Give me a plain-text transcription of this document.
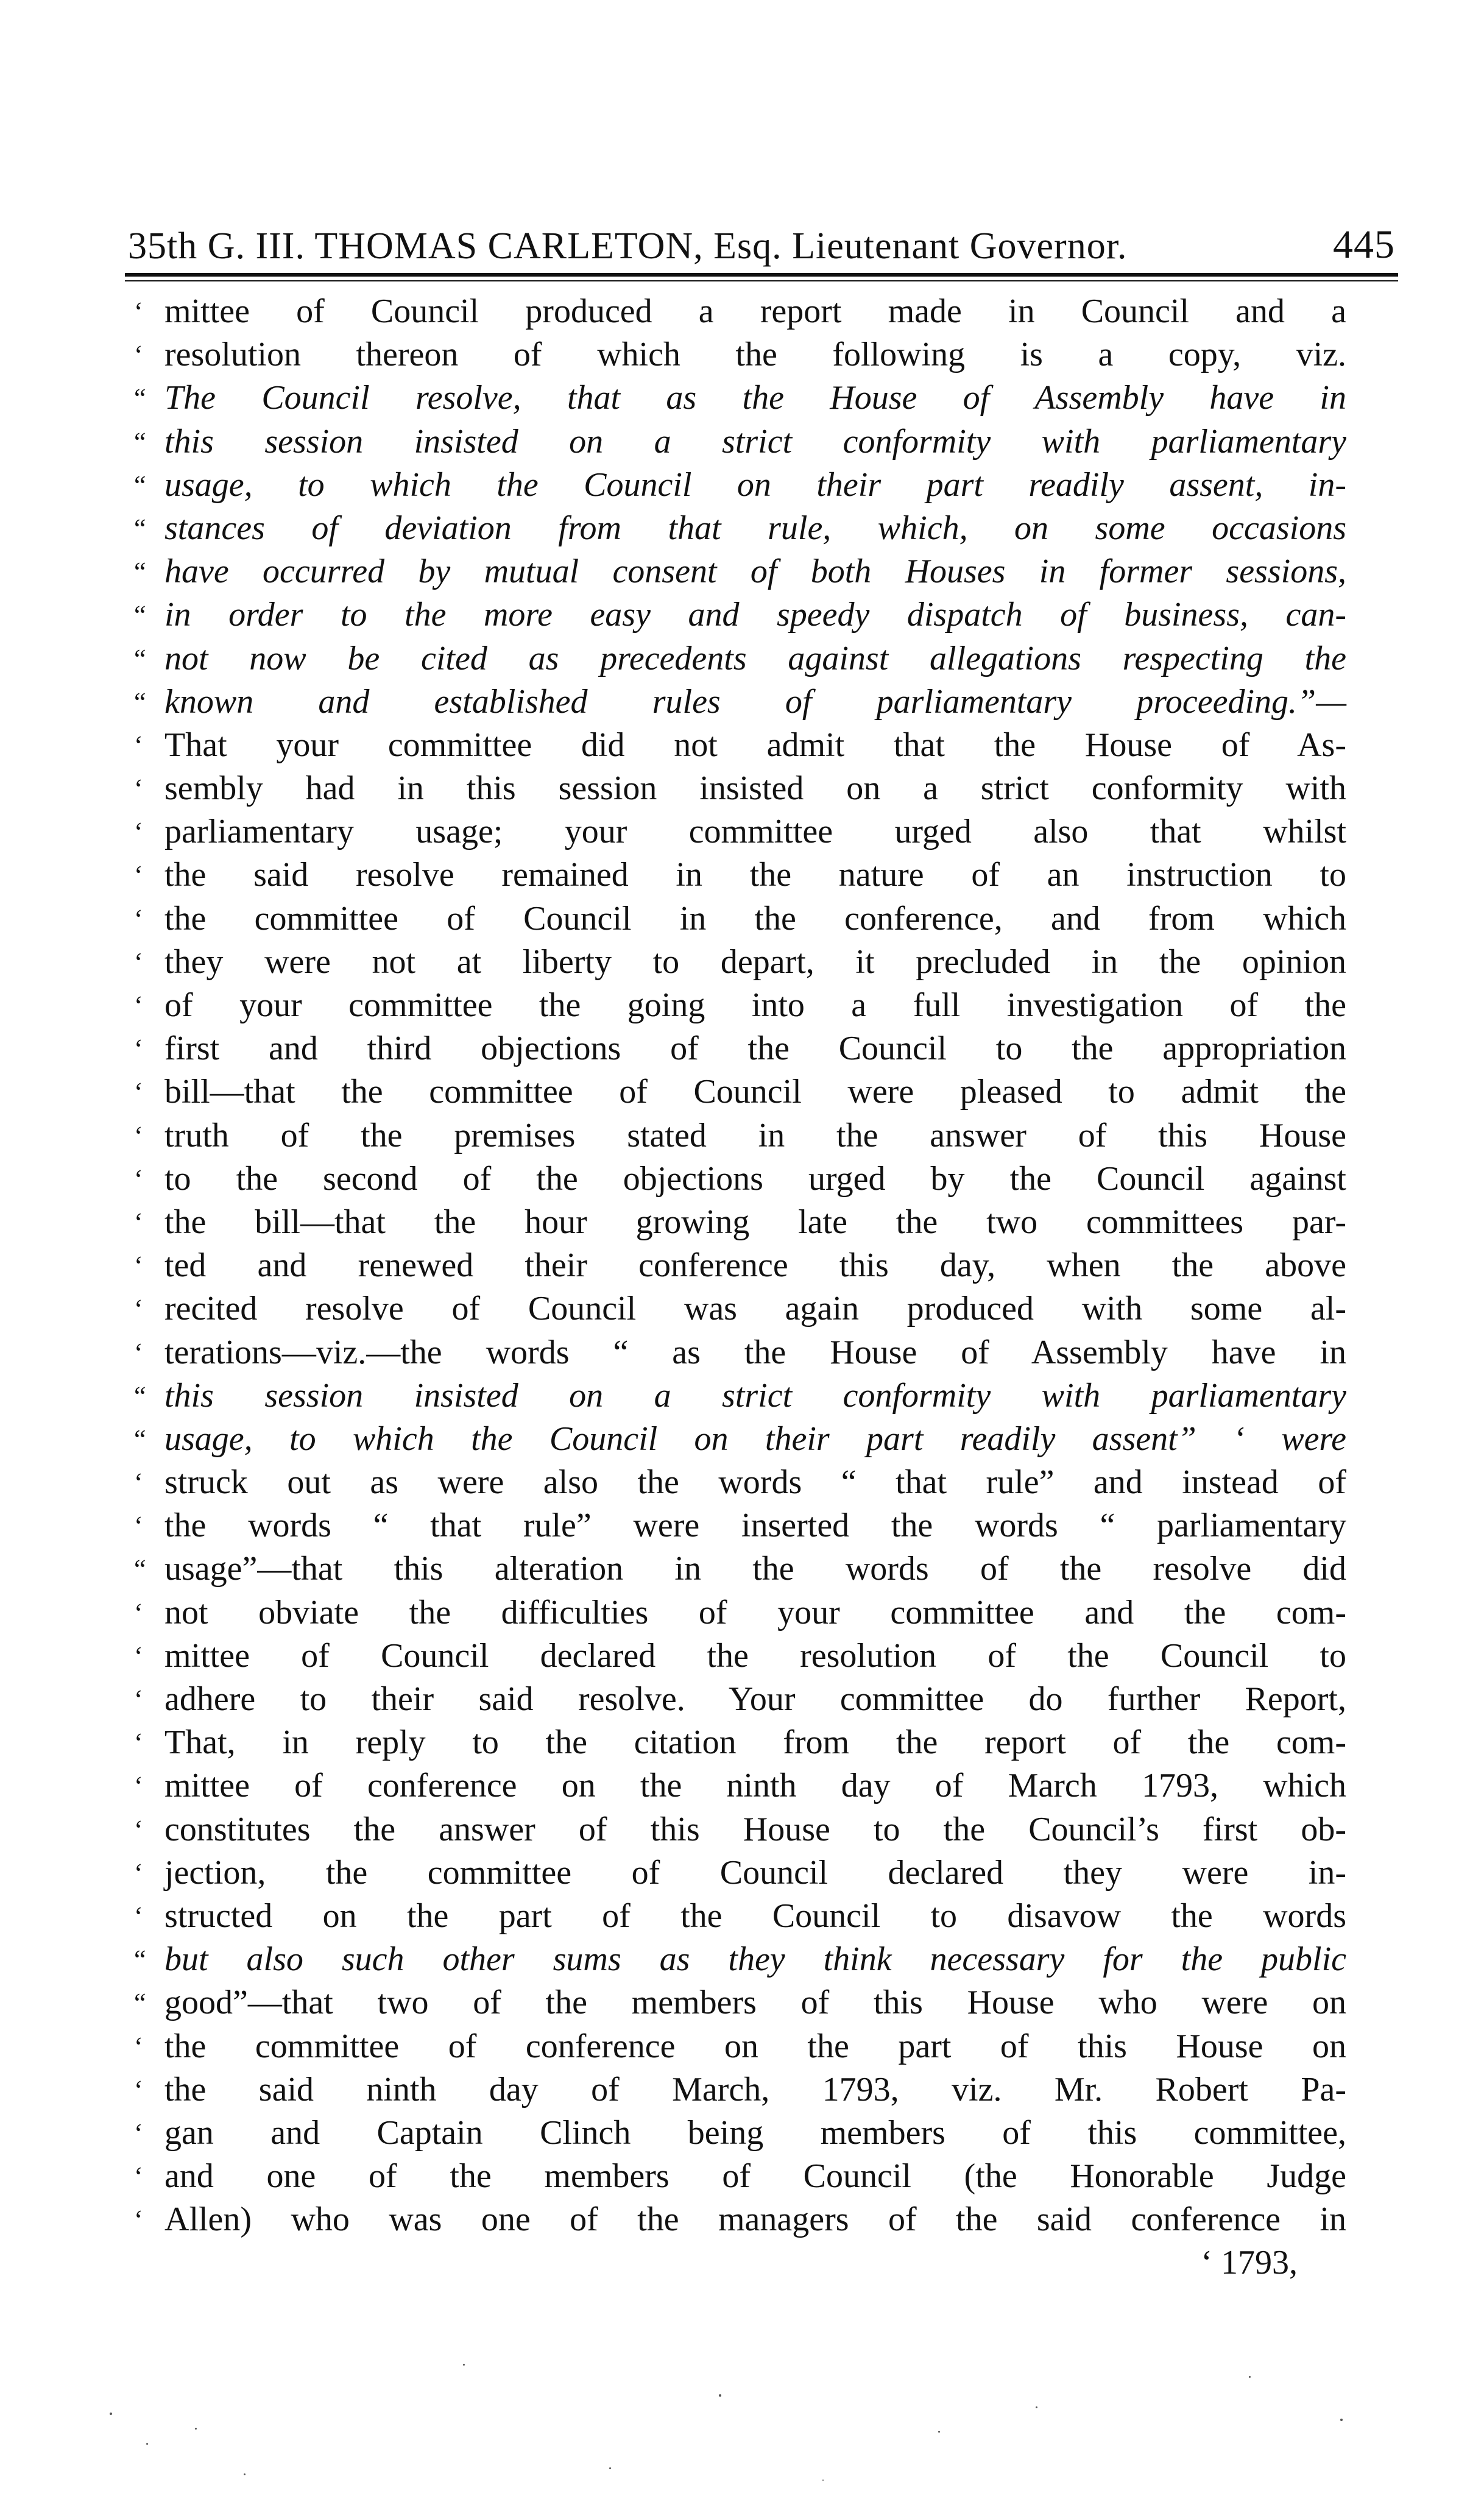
35th G. III. THOMAS CARLETON, Esq. Lieutenant Governor.	445
‘ mittee of Council produced a report made in Council and a
‘ resolution thereon of which the following is a copy, viz.
“ The Council resolve, that as the House of Assembly have in
“ this session insisted on a strict conformity with parliamentary
“ usage, to which the Council on their part readily assent, in-
“ stances of deviation from that rule, which, on some occasions
“ have occurred by mutual consent of both Houses in former sessions,
“ in order to the more easy and speedy dispatch of business, can-
“ not now be cited as precedents against allegations respecting the
“ known and established rules of parliamentary proceeding.”—
‘ That your committee did not admit that the House of As-
‘ sembly had in this session insisted on a strict conformity with
‘ parliamentary usage; your committee urged also that whilst
‘ the said resolve remained in the nature of an instruction to
‘ the committee of Council in the conference, and from which
‘ they were not at liberty to depart, it precluded in the opinion
‘ of your committee the going into a full investigation of the
‘ first and third objections of the Council to the appropriation
‘ bill—that the committee of Council were pleased to admit the
‘ truth of the premises stated in the answer of this House
‘ to the second of the objections urged by the Council against
‘ the bill—that the hour growing late the two committees par-
‘ ted and renewed their conference this day, when the above
‘ recited resolve of Council was again produced with some al-
‘ terations—viz.—the words “ as the House of Assembly have in
“ this session insisted on a strict conformity with parliamentary
“ usage, to which the Council on their part readily assent” ‘ were
‘ struck out as were also the words “ that rule” and instead of
‘ the words “ that rule” were inserted the words “ parliamentary
“ usage”—that this alteration in the words of the resolve did
‘ not obviate the difficulties of your committee and the com-
‘ mittee of Council declared the resolution of the Council to
‘ adhere to their said resolve. Your committee do further Report,
‘ That, in reply to the citation from the report of the com-
‘ mittee of conference on the ninth day of March 1793, which
‘ constitutes the answer of this House to the Council’s first ob-
‘ jection, the committee of Council declared they were in-
‘ structed on the part of the Council to disavow the words
“ but also such other sums as they think necessary for the public
“ good”—that two of the members of this House who were on
‘ the committee of conference on the part of this House on
‘ the said ninth day of March, 1793, viz. Mr. Robert Pa-
‘ gan and Captain Clinch being members of this committee,
‘ and one of the members of Council (the Honorable Judge
‘ Allen) who was one of the managers of the said conference in
‘ 1793,
